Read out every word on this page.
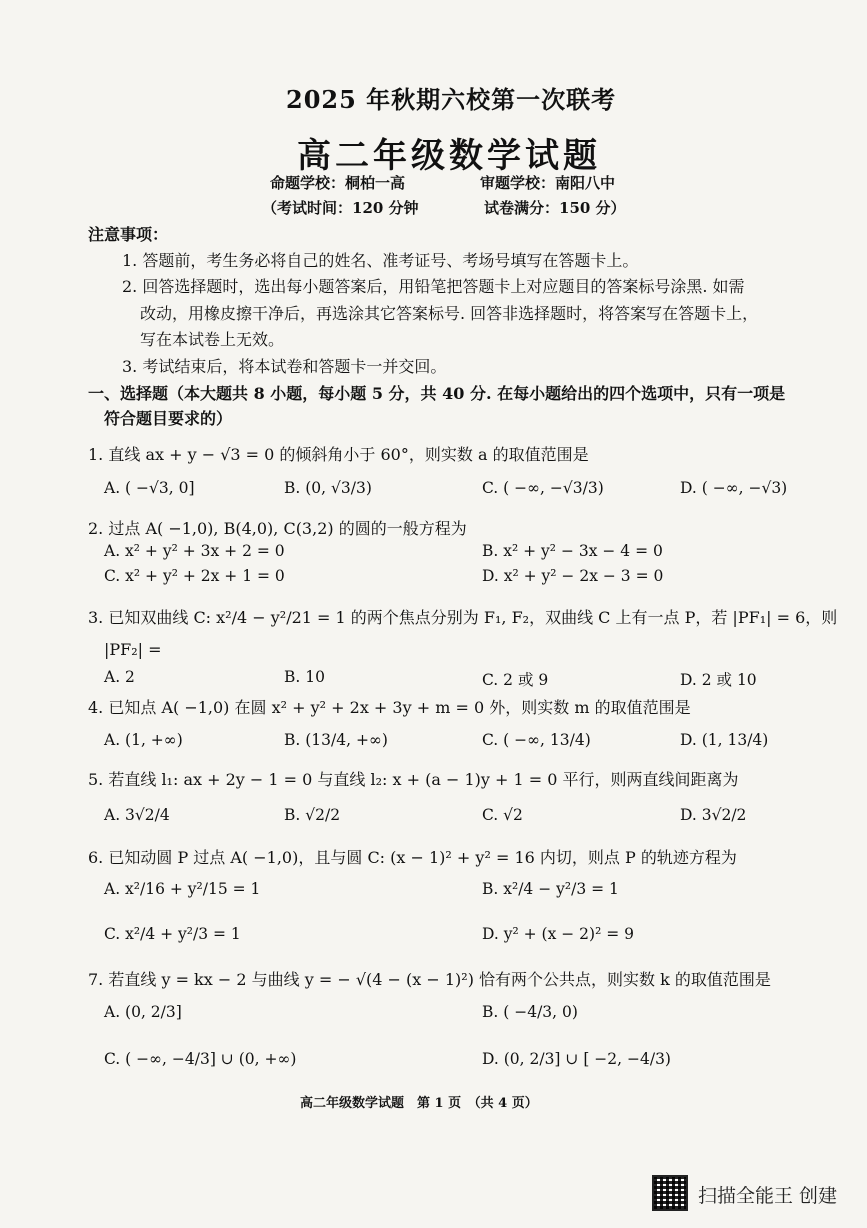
2025 年秋期六校第一次联考
高二年级数学试题
命题学校：桐柏一高	审题学校：南阳八中
（考试时间：120 分钟	试卷满分：150 分）
注意事项：
1. 答题前，考生务必将自己的姓名、准考证号、考场号填写在答题卡上。
2. 回答选择题时，选出每小题答案后，用铅笔把答题卡上对应题目的答案标号涂黑. 如需
改动，用橡皮擦干净后，再选涂其它答案标号. 回答非选择题时，将答案写在答题卡上，
写在本试卷上无效。
3. 考试结束后，将本试卷和答题卡一并交回。
一、选择题（本大题共 8 小题，每小题 5 分，共 40 分. 在每小题给出的四个选项中，只有一项是
符合题目要求的）
1. 直线 ax + y − √3 = 0 的倾斜角小于 60°，则实数 a 的取值范围是
A. ( −√3, 0]	B. (0, √3/3)	C. ( −∞, −√3/3)	D. ( −∞, −√3)
2. 过点 A( −1,0), B(4,0), C(3,2) 的圆的一般方程为
A. x² + y² + 3x + 2 = 0	B. x² + y² − 3x − 4 = 0
C. x² + y² + 2x + 1 = 0	D. x² + y² − 2x − 3 = 0
3. 已知双曲线 C: x²/4 − y²/21 = 1 的两个焦点分别为 F₁, F₂，双曲线 C 上有一点 P，若 |PF₁| = 6，则
|PF₂| =
A. 2	B. 10	C. 2 或 9	D. 2 或 10
4. 已知点 A( −1,0) 在圆 x² + y² + 2x + 3y + m = 0 外，则实数 m 的取值范围是
A. (1, +∞)	B. (13/4, +∞)	C. ( −∞, 13/4)	D. (1, 13/4)
5. 若直线 l₁: ax + 2y − 1 = 0 与直线 l₂: x + (a − 1)y + 1 = 0 平行，则两直线间距离为
A. 3√2/4	B. √2/2	C. √2	D. 3√2/2
6. 已知动圆 P 过点 A( −1,0)，且与圆 C: (x − 1)² + y² = 16 内切，则点 P 的轨迹方程为
A. x²/16 + y²/15 = 1	B. x²/4 − y²/3 = 1
C. x²/4 + y²/3 = 1	D. y² + (x − 2)² = 9
7. 若直线 y = kx − 2 与曲线 y = − √(4 − (x − 1)²) 恰有两个公共点，则实数 k 的取值范围是
A. (0, 2/3]	B. ( −4/3, 0)
C. ( −∞, −4/3] ∪ (0, +∞)	D. (0, 2/3] ∪ [ −2, −4/3)
高二年级数学试题　第 1 页　（共 4 页）
扫描全能王 创建
